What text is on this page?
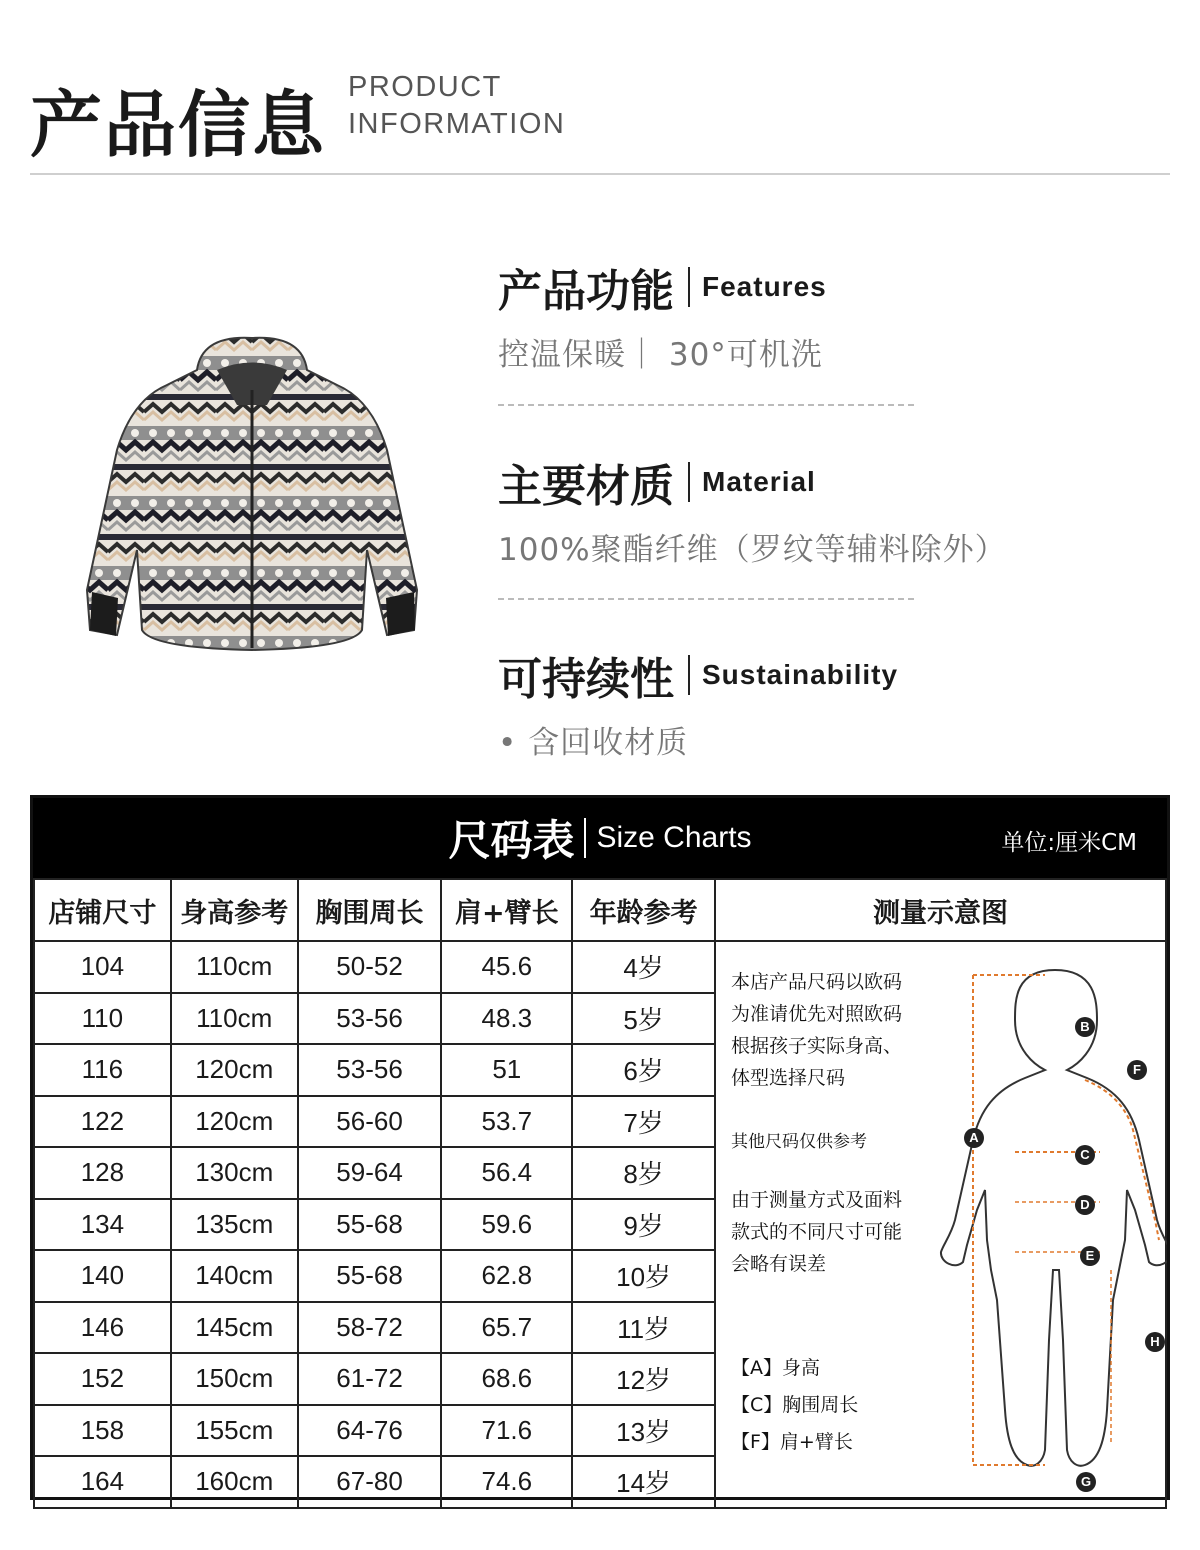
产品信息 PRODUCT
INFORMATION
产品功能 Features
控温保暖｜ 30°可机洗
主要材质 Material
100%聚酯纤维（罗纹等辅料除外）
可持续性 Sustainability
• 含回收材质
尺码表 Size Charts	单位:厘米CM
店铺尺寸	身高参考	胸围周长	肩+臂长	年龄参考	测量示意图
104	110cm	50-52	45.6	4岁	
110	110cm	53-56	48.3	5岁	
116	120cm	53-56	51	6岁	
122	120cm	56-60	53.7	7岁	
128	130cm	59-64	56.4	8岁	
134	135cm	55-68	59.6	9岁	
140	140cm	55-68	62.8	10岁	
146	145cm	58-72	65.7	11岁	
152	150cm	61-72	68.6	12岁	
158	155cm	64-76	71.6	13岁	
164	160cm	67-80	74.6	14岁	
本店产品尺码以欧码
为准请优先对照欧码
根据孩子实际身高、
体型选择尺码
其他尺码仅供参考
由于测量方式及面料
款式的不同尺寸可能
会略有误差
【A】身高
【C】胸围周长
【F】肩+臂长
A
B
C
D
E
F
G
H
